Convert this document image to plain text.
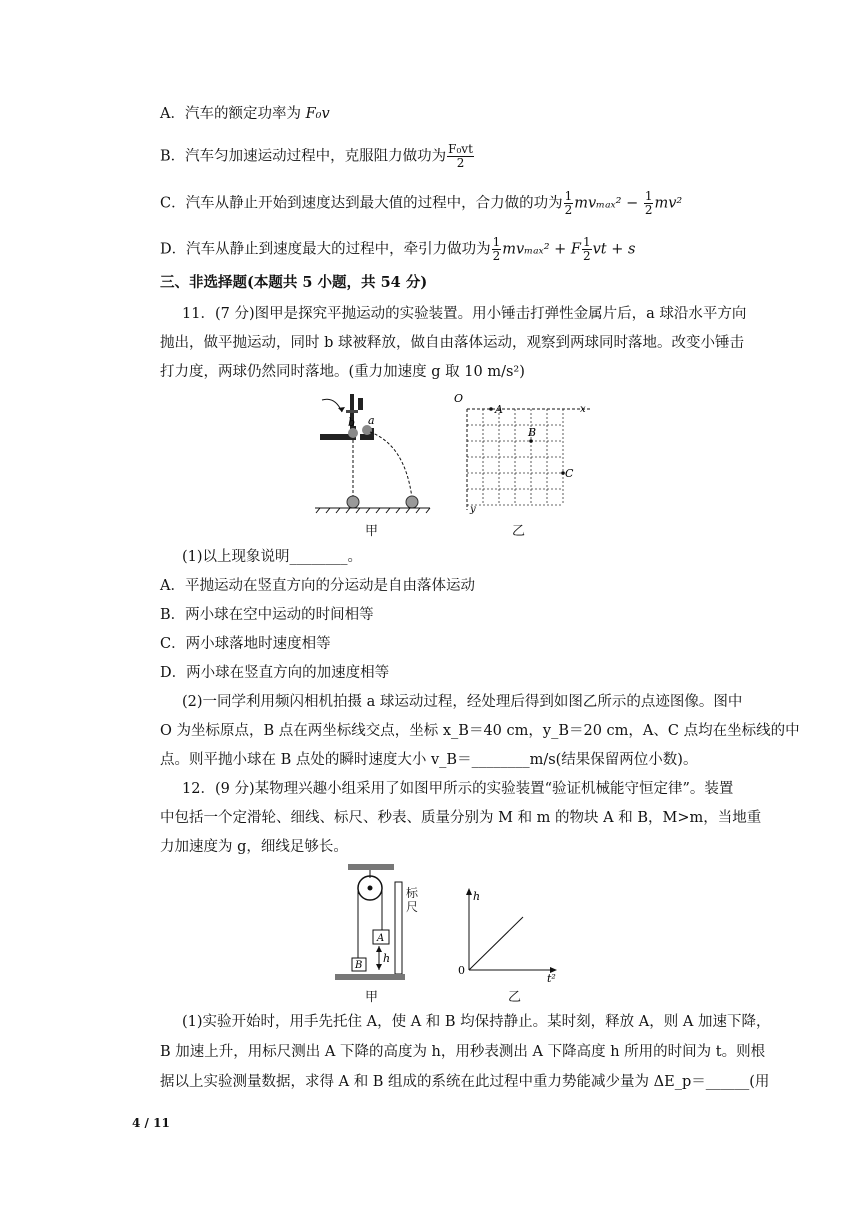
A．汽车的额定功率为 F₀v
B．汽车匀加速运动过程中，克服阻力做功为 $\frac{\text{F₀vt}}{2}$
C．汽车从静止开始到速度达到最大值的过程中，合力做的功为 $\frac{1}{2} mv_{max}^2 - \frac{1}{2} mv^2$
D．汽车从静止到速度最大的过程中，牵引力做功为 $\frac{1}{2} mv_{max}^2 + F \frac{1}{2}$ vt + s
三、非选择题(本题共 5 小题，共 54 分)
11．(7 分)图甲是探究平抛运动的实验装置。用小锤击打弹性金属片后，a 球沿水平方向
抛出，做平抛运动，同时 b 球被释放，做自由落体运动，观察到两球同时落地。改变小锤击
打力度，两球仍然同时落地。(重力加速度 g 取 10 m/s²)
b a
甲
O
x
y
A
B
C
乙
(1)以上现象说明________。
A．平抛运动在竖直方向的分运动是自由落体运动
B．两小球在空中运动的时间相等
C．两小球落地时速度相等
D．两小球在竖直方向的加速度相等
(2)一同学利用频闪相机拍摄 a 球运动过程，经处理后得到如图乙所示的点迹图像。图中
O 为坐标原点，B 点在两坐标线交点，坐标 x_B＝40 cm，y_B＝20 cm，A、C 点均在坐标线的中
点。则平抛小球在 B 点处的瞬时速度大小 v_B＝________m/s(结果保留两位小数)。
12．(9 分)某物理兴趣小组采用了如图甲所示的实验装置“验证机械能守恒定律”。装置
中包括一个定滑轮、细线、标尺、秒表、质量分别为 M 和 m 的物块 A 和 B，M>m，当地重
力加速度为 g，细线足够长。
A
B
h
标尺
甲
h
0
t²
乙
(1)实验开始时，用手先托住 A，使 A 和 B 均保持静止。某时刻，释放 A，则 A 加速下降，
B 加速上升，用标尺测出 A 下降的高度为 h，用秒表测出 A 下降高度 h 所用的时间为 t。则根
据以上实验测量数据，求得 A 和 B 组成的系统在此过程中重力势能减少量为 ΔE_p＝______(用
4 / 11
